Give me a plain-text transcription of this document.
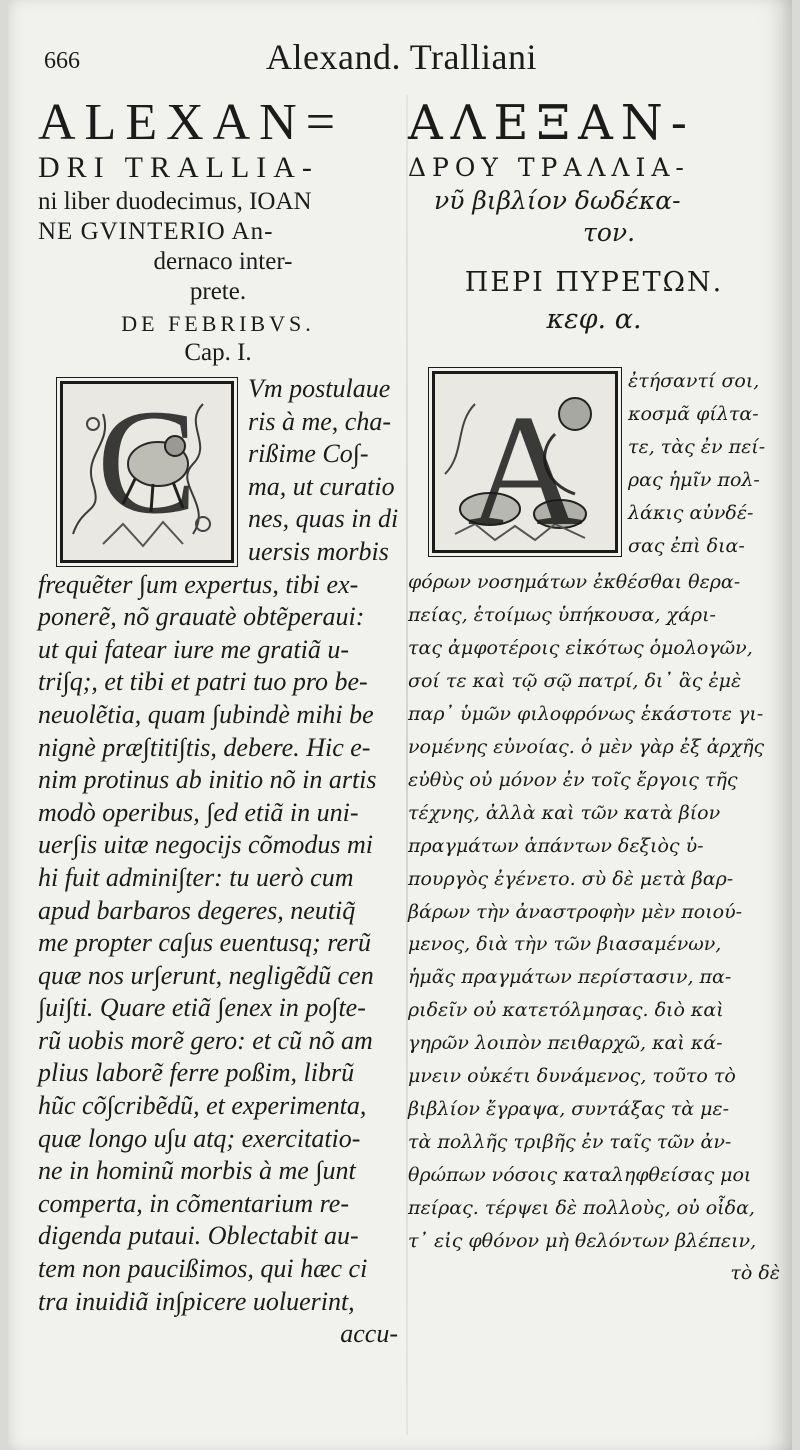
666	Alexand. Tralliani
ALEXAN=
DRI TRALLIA-
ni liber duodecimus, IOAN
NE GVINTERIO An-
dernaco inter-
prete.
DE FEBRIBVS.
Cap. I.
C Vm postulaue
ris à me, cha-
rißime Co∫-
ma, ut curatio
nes, quas in di
uersis morbis
frequẽter ∫um expertus, tibi ex-
ponerẽ, nõ grauatè obtẽperaui:
ut qui fatear iure me gratiã u-
tri∫q;, et tibi et patri tuo pro be-
neuolẽtia, quam ∫ubindè mihi be
nignè præ∫titi∫tis, debere. Hic e-
nim protinus ab initio nõ in artis
modò operibus, ∫ed etiã in uni-
uer∫is uitæ negocijs cõmodus mi
hi fuit admini∫ter: tu uerò cum
apud barbaros degeres, neutiq̃
me propter ca∫us euentusq; rerũ
quæ nos ur∫erunt, negligẽdũ cen
∫ui∫ti. Quare etiã ∫enex in po∫te-
rũ uobis morẽ gero: et cũ nõ am
plius laborẽ ferre poßim, librũ
hũc cõ∫cribẽdũ, et experimenta,
quæ longo u∫u atq; exercitatio-
ne in hominũ morbis à me ∫unt
comperta, in cõmentarium re-
digenda putaui. Oblectabit au-
tem non paucißimos, qui hæc ci
tra inuidiã in∫picere uoluerint,
accu-
ΑΛΕΞΑΝ-
ΔΡΟΥ ΤΡΑΛΛΙΑ-
νῦ βιβλίον δωδέκα-
τον.
ΠΕΡΙ ΠΥΡΕΤΩΝ.
κεφ. α.
Α ἐτήσαντί σοι,
κοσμᾶ φίλτα-
τε, τὰς ἐν πεί-
ρας ἡμῖν πολ-
λάκις αὐνδέ-
σας ἐπὶ δια-
φόρων νοσημάτων ἐκθέσθαι θερα-
πείας, ἑτοίμως ὑπήκουσα, χάρι-
τας ἀμφοτέροις εἰκότως ὁμολογῶν,
σοί τε καὶ τῷ σῷ πατρί, δι᾽ ἃς ἐμὲ
παρ᾽ ὑμῶν φιλοφρόνως ἑκάστοτε γι-
νομένης εὐνοίας. ὁ μὲν γὰρ ἐξ ἀρχῆς
εὐθὺς οὐ μόνον ἐν τοῖς ἔργοις τῆς
τέχνης, ἀλλὰ καὶ τῶν κατὰ βίον
πραγμάτων ἁπάντων δεξιὸς ὑ-
πουργὸς ἐγένετο. σὺ δὲ μετὰ βαρ-
βάρων τὴν ἀναστροφὴν μὲν ποιού-
μενος, διὰ τὴν τῶν βιασαμένων,
ἡμᾶς πραγμάτων περίστασιν, πα-
ριδεῖν οὐ κατετόλμησας. διὸ καὶ
γηρῶν λοιπὸν πειθαρχῶ, καὶ κά-
μνειν οὐκέτι δυνάμενος, τοῦτο τὸ
βιβλίον ἔγραψα, συντάξας τὰ με-
τὰ πολλῆς τριβῆς ἐν ταῖς τῶν ἀν-
θρώπων νόσοις καταληφθείσας μοι
πείρας. τέρψει δὲ πολλοὺς, οὐ οἶδα,
τ᾽ εἰς φθόνον μὴ θελόντων βλέπειν,
τὸ δὲ
